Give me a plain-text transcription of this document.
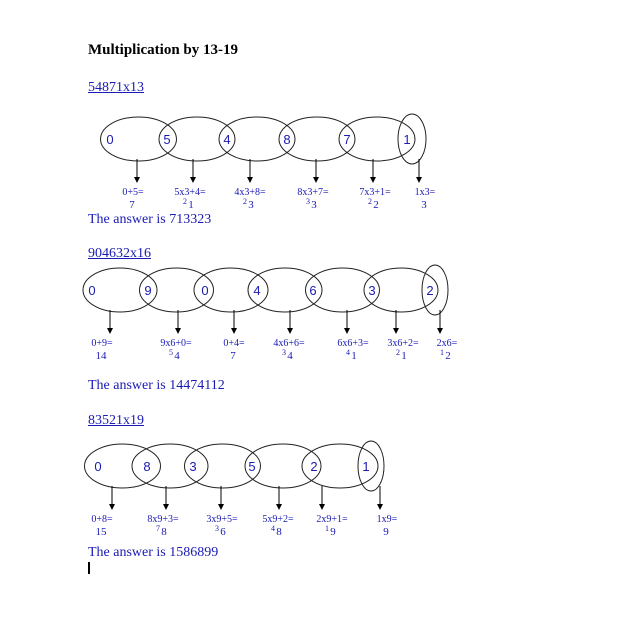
Multiplication by 13-19
54871x13
0	5	4	8	7	1
0+5=
7
5x3+4=
2 1
4x3+8=
2 3
8x3+7=
3 3
7x3+1=
2 2
1x3=
3
The answer is 713323
904632x16
0	9	0	4	6	3	2
0+9=
14
9x6+0=
5 4
0+4=
7
4x6+6=
3 4
6x6+3=
4 1
3x6+2=
2 1
2x6=
1 2
The answer is 14474112
83521x19
0	8	3	5	2	1
0+8=
15
8x9+3=
7 8
3x9+5=
3 6
5x9+2=
4 8
2x9+1=
1 9
1x9=
9
The answer is 1586899
